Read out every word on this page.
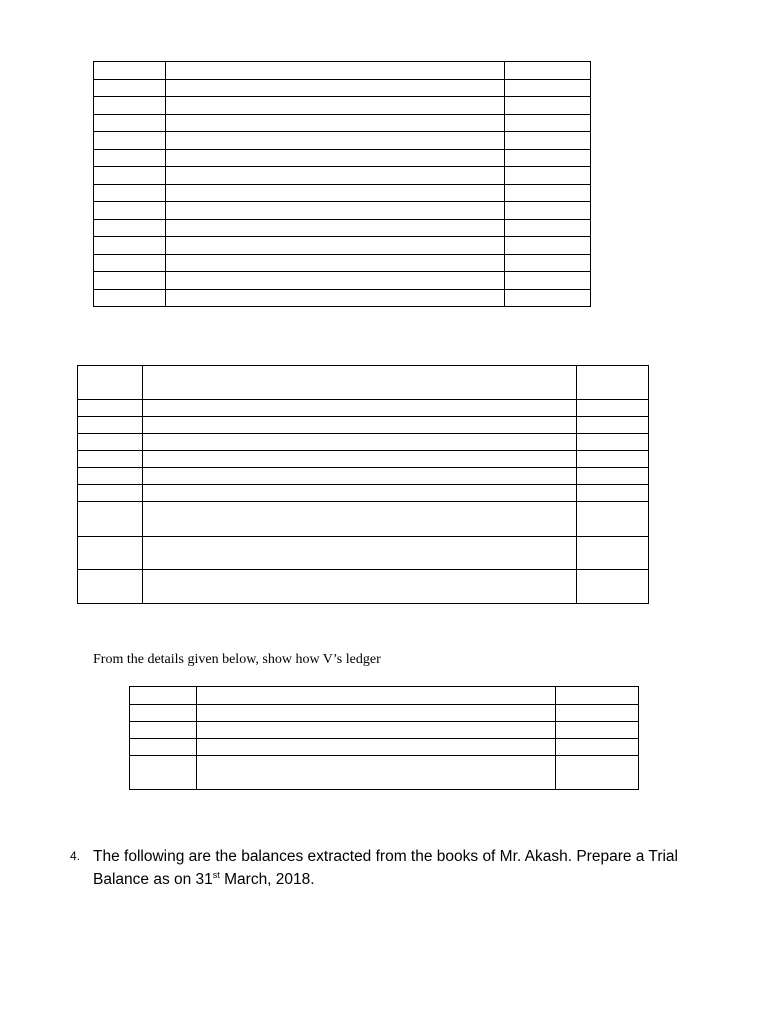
From the details given below, show how V’s ledger

4. The following are the balances extracted from the books of Mr. Akash. Prepare a Trial Balance as on 31st March, 2018.
